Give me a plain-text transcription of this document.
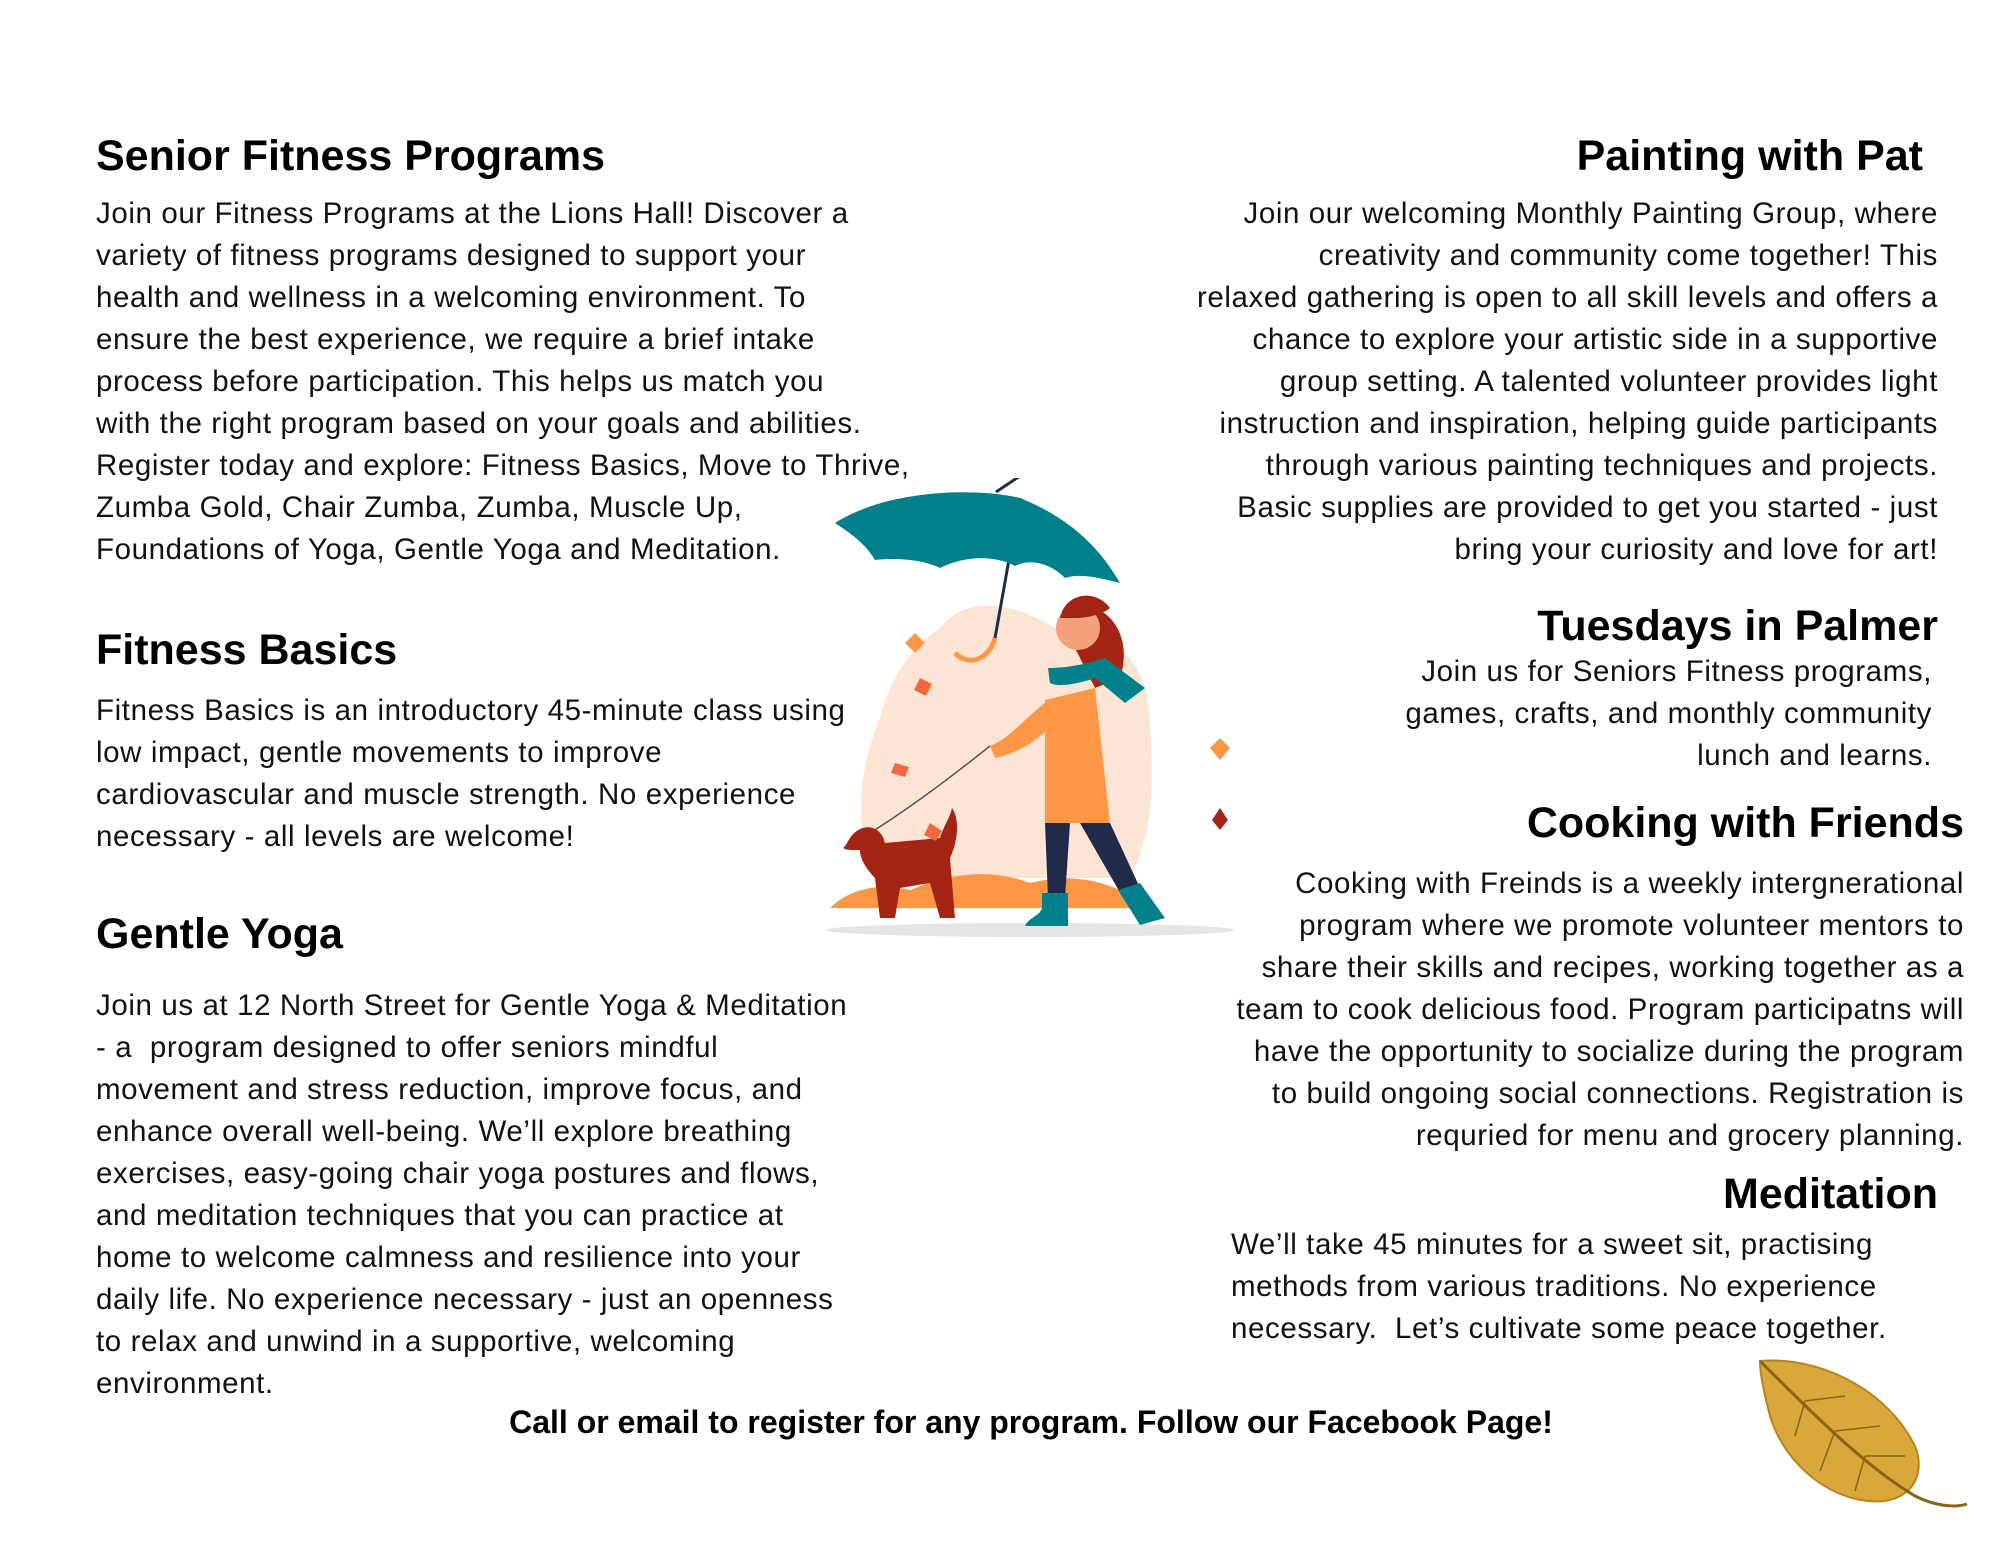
Senior Fitness Programs
Join our Fitness Programs at the Lions Hall! Discover a
variety of fitness programs designed to support your
health and wellness in a welcoming environment. To
ensure the best experience, we require a brief intake
process before participation. This helps us match you
with the right program based on your goals and abilities.
Register today and explore: Fitness Basics, Move to Thrive,
Zumba Gold, Chair Zumba, Zumba, Muscle Up,
Foundations of Yoga, Gentle Yoga and Meditation.
Fitness Basics
Fitness Basics is an introductory 45-minute class using
low impact, gentle movements to improve
cardiovascular and muscle strength. No experience
necessary - all levels are welcome!
Gentle Yoga
Join us at 12 North Street for Gentle Yoga & Meditation
- a  program designed to offer seniors mindful
movement and stress reduction, improve focus, and
enhance overall well-being. We’ll explore breathing
exercises, easy-going chair yoga postures and flows,
and meditation techniques that you can practice at
home to welcome calmness and resilience into your
daily life. No experience necessary - just an openness
to relax and unwind in a supportive, welcoming
environment.
Painting with Pat
Join our welcoming Monthly Painting Group, where
creativity and community come together! This
relaxed gathering is open to all skill levels and offers a
chance to explore your artistic side in a supportive
group setting. A talented volunteer provides light
instruction and inspiration, helping guide participants
through various painting techniques and projects.
Basic supplies are provided to get you started - just
bring your curiosity and love for art!
Tuesdays in Palmer
Join us for Seniors Fitness programs,
games, crafts, and monthly community
lunch and learns.
Cooking with Friends
Cooking with Freinds is a weekly intergnerational
program where we promote volunteer mentors to
share their skills and recipes, working together as a
team to cook delicious food. Program participatns will
have the opportunity to socialize during the program
to build ongoing social connections. Registration is
requried for menu and grocery planning.
Meditation
We’ll take 45 minutes for a sweet sit, practising
methods from various traditions. No experience
necessary.  Let’s cultivate some peace together.
Call or email to register for any program. Follow our Facebook Page!
